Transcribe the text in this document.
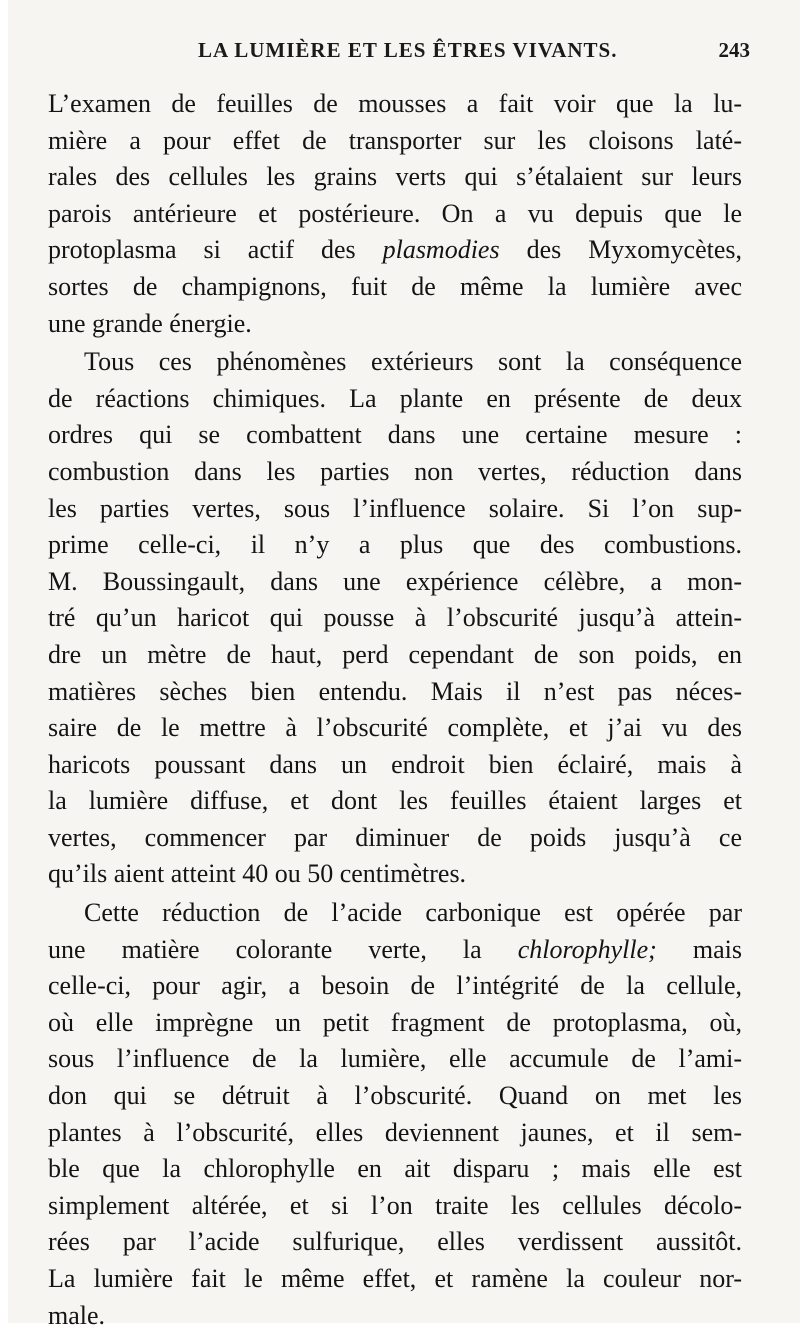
LA LUMIÈRE ET LES ÊTRES VIVANTS.	243
L’examen de feuilles de mousses a fait voir que la lu-
mière a pour effet de transporter sur les cloisons laté-
rales des cellules les grains verts qui s’étalaient sur leurs
parois antérieure et postérieure. On a vu depuis que le
protoplasma si actif des plasmodies des Myxomycètes,
sortes de champignons, fuit de même la lumière avec
une grande énergie.
Tous ces phénomènes extérieurs sont la conséquence
de réactions chimiques. La plante en présente de deux
ordres qui se combattent dans une certaine mesure :
combustion dans les parties non vertes, réduction dans
les parties vertes, sous l’influence solaire. Si l’on sup-
prime celle-ci, il n’y a plus que des combustions.
M. Boussingault, dans une expérience célèbre, a mon-
tré qu’un haricot qui pousse à l’obscurité jusqu’à attein-
dre un mètre de haut, perd cependant de son poids, en
matières sèches bien entendu. Mais il n’est pas néces-
saire de le mettre à l’obscurité complète, et j’ai vu des
haricots poussant dans un endroit bien éclairé, mais à
la lumière diffuse, et dont les feuilles étaient larges et
vertes, commencer par diminuer de poids jusqu’à ce
qu’ils aient atteint 40 ou 50 centimètres.
Cette réduction de l’acide carbonique est opérée par
une matière colorante verte, la chlorophylle; mais
celle-ci, pour agir, a besoin de l’intégrité de la cellule,
où elle imprègne un petit fragment de protoplasma, où,
sous l’influence de la lumière, elle accumule de l’ami-
don qui se détruit à l’obscurité. Quand on met les
plantes à l’obscurité, elles deviennent jaunes, et il sem-
ble que la chlorophylle en ait disparu ; mais elle est
simplement altérée, et si l’on traite les cellules décolo-
rées par l’acide sulfurique, elles verdissent aussitôt.
La lumière fait le même effet, et ramène la couleur nor-
male.
